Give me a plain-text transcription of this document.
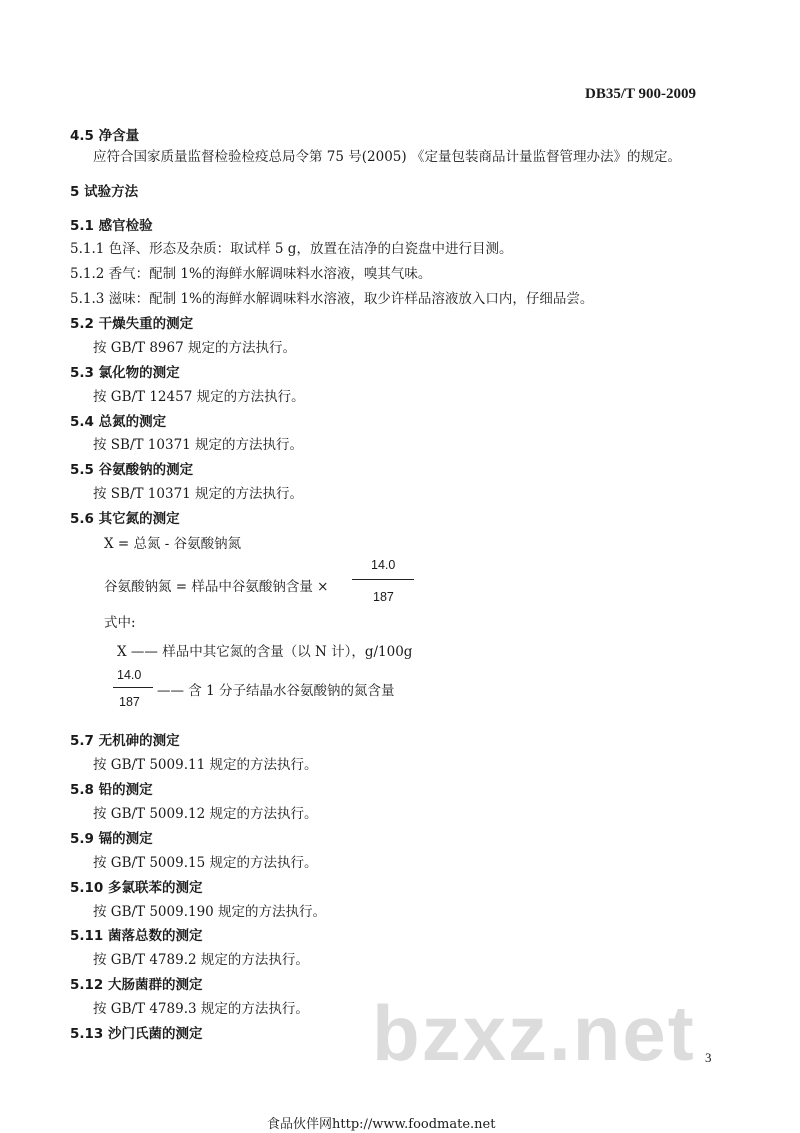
DB35/T 900-2009
4.5 净含量
应符合国家质量监督检验检疫总局令第 75 号(2005) 《定量包装商品计量监督管理办法》的规定。
5 试验方法
5.1 感官检验
5.1.1 色泽、形态及杂质：取试样 5 g，放置在洁净的白瓷盘中进行目测。
5.1.2 香气：配制 1%的海鲜水解调味料水溶液，嗅其气味。
5.1.3 滋味：配制 1%的海鲜水解调味料水溶液，取少许样品溶液放入口内，仔细品尝。
5.2 干燥失重的测定
按 GB/T 8967 规定的方法执行。
5.3 氯化物的测定
按 GB/T 12457 规定的方法执行。
5.4 总氮的测定
按 SB/T 10371 规定的方法执行。
5.5 谷氨酸钠的测定
按 SB/T 10371 规定的方法执行。
5.6 其它氮的测定
X = 总氮 - 谷氨酸钠氮
谷氨酸钠氮 = 样品中谷氨酸钠含量 ×
14.0
187
式中:
X —— 样品中其它氮的含量（以 N 计），g/100g
14.0
187
—— 含 1 分子结晶水谷氨酸钠的氮含量
5.7 无机砷的测定
按 GB/T 5009.11 规定的方法执行。
5.8 铅的测定
按 GB/T 5009.12 规定的方法执行。
5.9 镉的测定
按 GB/T 5009.15 规定的方法执行。
5.10 多氯联苯的测定
按 GB/T 5009.190 规定的方法执行。
5.11 菌落总数的测定
按 GB/T 4789.2 规定的方法执行。
5.12 大肠菌群的测定
按 GB/T 4789.3 规定的方法执行。
5.13 沙门氏菌的测定 bzxz.net 3
食品伙伴网http://www.foodmate.net
